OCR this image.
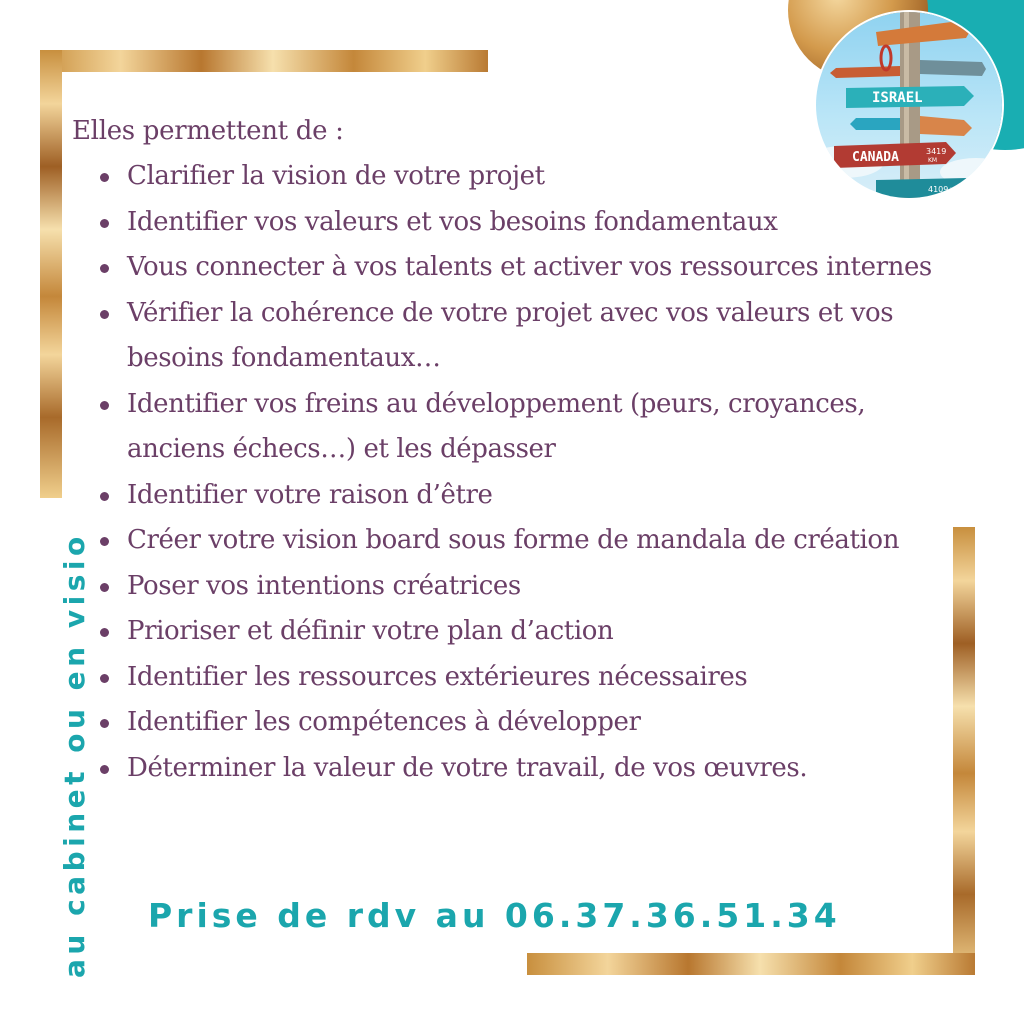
ISRAEL
CANADA	3419
KM
4109 KM

Elles permettent de :

Clarifier la vision de votre projet
Identifier vos valeurs et vos besoins fondamentaux
Vous connecter à vos talents et activer vos ressources internes
Vérifier la cohérence de votre projet avec vos valeurs et vos besoins fondamentaux…
Identifier vos freins au développement (peurs, croyances, anciens échecs…) et les dépasser
Identifier votre raison d’être
Créer votre vision board sous forme de mandala de création
Poser vos intentions créatrices
Prioriser et définir votre plan d’action
Identifier les ressources extérieures nécessaires
Identifier les compétences à développer
Déterminer la valeur de votre travail, de vos œuvres.
Prise de rdv au 06.37.36.51.34
au cabinet ou en visio
